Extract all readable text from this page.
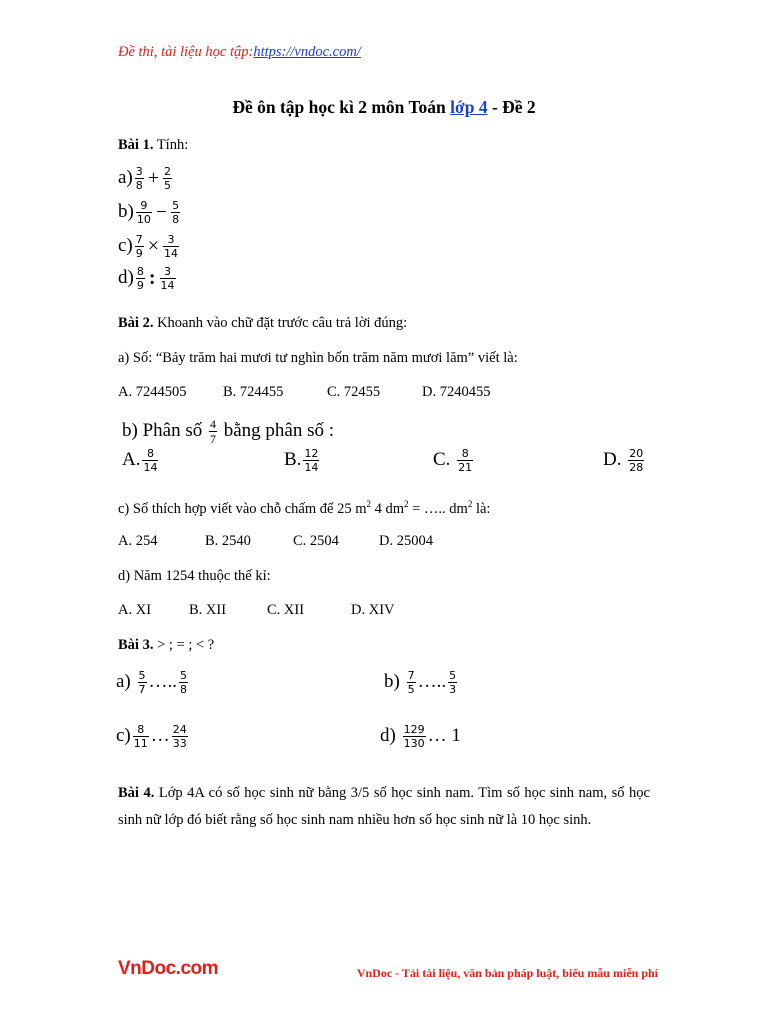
Đề thi, tài liệu học tập:https://vndoc.com/
Đề ôn tập học kì 2 môn Toán lớp 4 - Đề 2
Bài 1. Tính:
$a) \frac{3}{8} + \frac{2}{5}$
$b) \frac{9}{10} - \frac{5}{8}$
$c) \frac{7}{9} \times \frac{3}{14}$
$d) \frac{8}{9}$ : $\frac{3}{14}$
Bài 2. Khoanh vào chữ đặt trước câu trả lời đúng:
a) Số: “Bảy trăm hai mươi tư nghìn bốn trăm năm mươi lăm” viết là:
A. 7244505	B. 724455	C. 72455	D. 7240455
b) Phân số $\frac{4}{7}$ bằng phân số :
A. $\frac{8}{14}$	B. $\frac{12}{14}$	C. $\frac{8}{21}$	D. $\frac{20}{28}$
c) Số thích hợp viết vào chỗ chấm để 25 $m^2$ 4 $dm^2$ = ….. $dm^2$ là:
A. 254	B. 2540	C. 2504	D. 25004
d) Năm 1254 thuộc thế kỉ:
A. XI	B. XII	C. XII	D. XIV
Bài 3. > ; = ; < ?
$a) \frac{5}{7}$ ….. $\frac{5}{8}$	$b) \frac{7}{5}$ ….. $\frac{5}{3}$
$c) \frac{8}{11}$ … $\frac{24}{33}$	$d) \frac{129}{130}$ … 1
Bài 4. Lớp 4A có số học sinh nữ bằng 3/5 số học sinh nam. Tìm số học sinh nam, số học sinh nữ lớp đó biết rằng số học sinh nam nhiều hơn số học sinh nữ là 10 học sinh.
VnDoc.com	VnDoc - Tải tài liệu, văn bản pháp luật, biểu mẫu miễn phí
